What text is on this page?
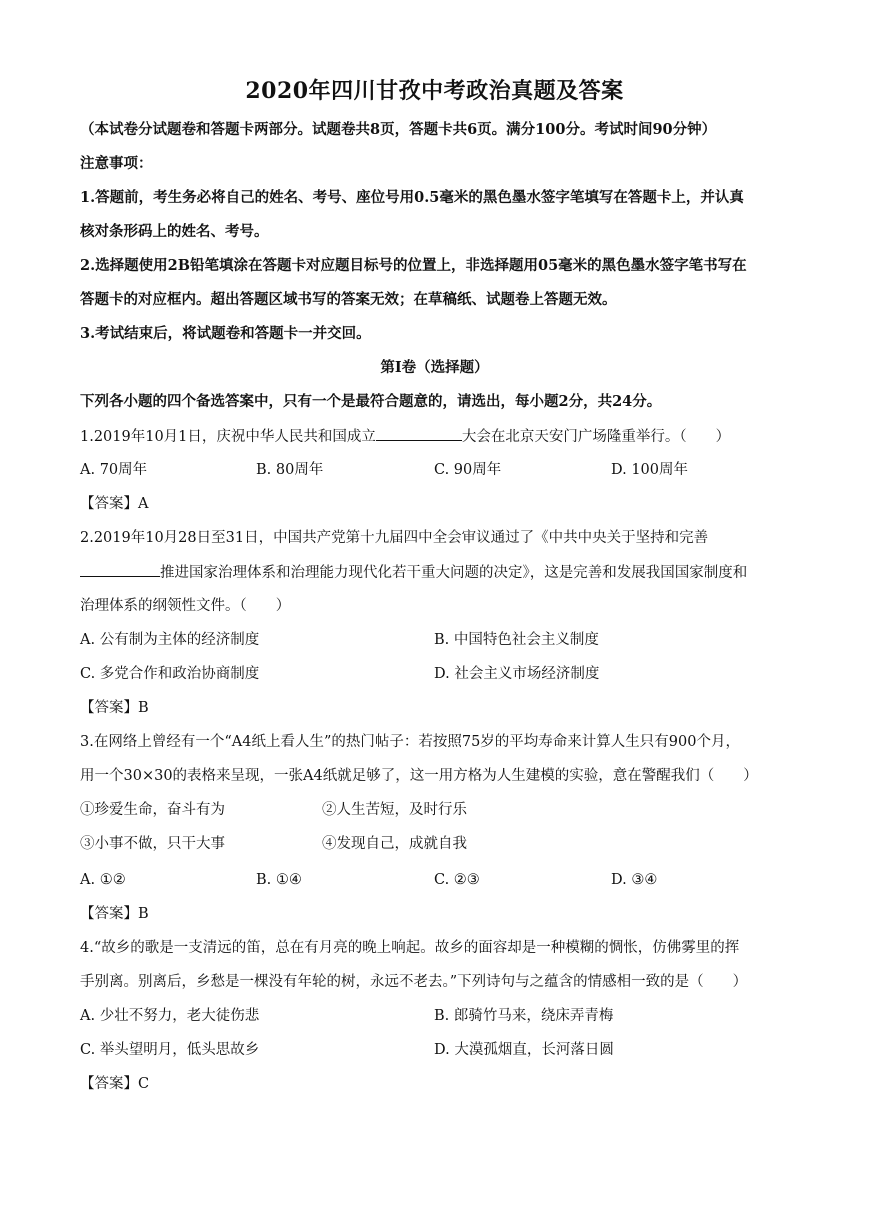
2020年四川甘孜中考政治真题及答案
（本试卷分试题卷和答题卡两部分。试题卷共8页，答题卡共6页。满分100分。考试时间90分钟）
注意事项：
1.答题前，考生务必将自己的姓名、考号、座位号用0.5毫米的黑色墨水签字笔填写在答题卡上，并认真
核对条形码上的姓名、考号。
2.选择题使用2B铅笔填涂在答题卡对应题目标号的位置上，非选择题用05毫米的黑色墨水签字笔书写在
答题卡的对应框内。超出答题区域书写的答案无效；在草稿纸、试题卷上答题无效。
3.考试结束后，将试题卷和答题卡一并交回。
第Ⅰ卷（选择题）
下列各小题的四个备选答案中，只有一个是最符合题意的，请选出，每小题2分，共24分。
1.2019年10月1日，庆祝中华人民共和国成立	大会在北京天安门广场隆重举行。（　　）
A. 70周年	B. 80周年	C. 90周年	D. 100周年
【答案】A
2.2019年10月28日至31日，中国共产党第十九届四中全会审议通过了《中共中央关于坚持和完善
推进国家治理体系和治理能力现代化若干重大问题的决定》，这是完善和发展我国国家制度和
治理体系的纲领性文件。（　　）
A. 公有制为主体的经济制度	B. 中国特色社会主义制度
C. 多党合作和政治协商制度	D. 社会主义市场经济制度
【答案】B
3.在网络上曾经有一个“A4纸上看人生”的热门帖子：若按照75岁的平均寿命来计算人生只有900个月，
用一个30×30的表格来呈现，一张A4纸就足够了，这一用方格为人生建模的实验，意在警醒我们（　　）
①珍爱生命，奋斗有为	②人生苦短，及时行乐
③小事不做，只干大事	④发现自己，成就自我
A. ①②	B. ①④	C. ②③	D. ③④
【答案】B
4.“故乡的歌是一支清远的笛，总在有月亮的晚上响起。故乡的面容却是一种模糊的惆怅，仿佛雾里的挥
手别离。别离后，乡愁是一棵没有年轮的树，永远不老去。”下列诗句与之蕴含的情感相一致的是（　　）
A. 少壮不努力，老大徒伤悲	B. 郎骑竹马来，绕床弄青梅
C. 举头望明月，低头思故乡	D. 大漠孤烟直，长河落日圆
【答案】C
